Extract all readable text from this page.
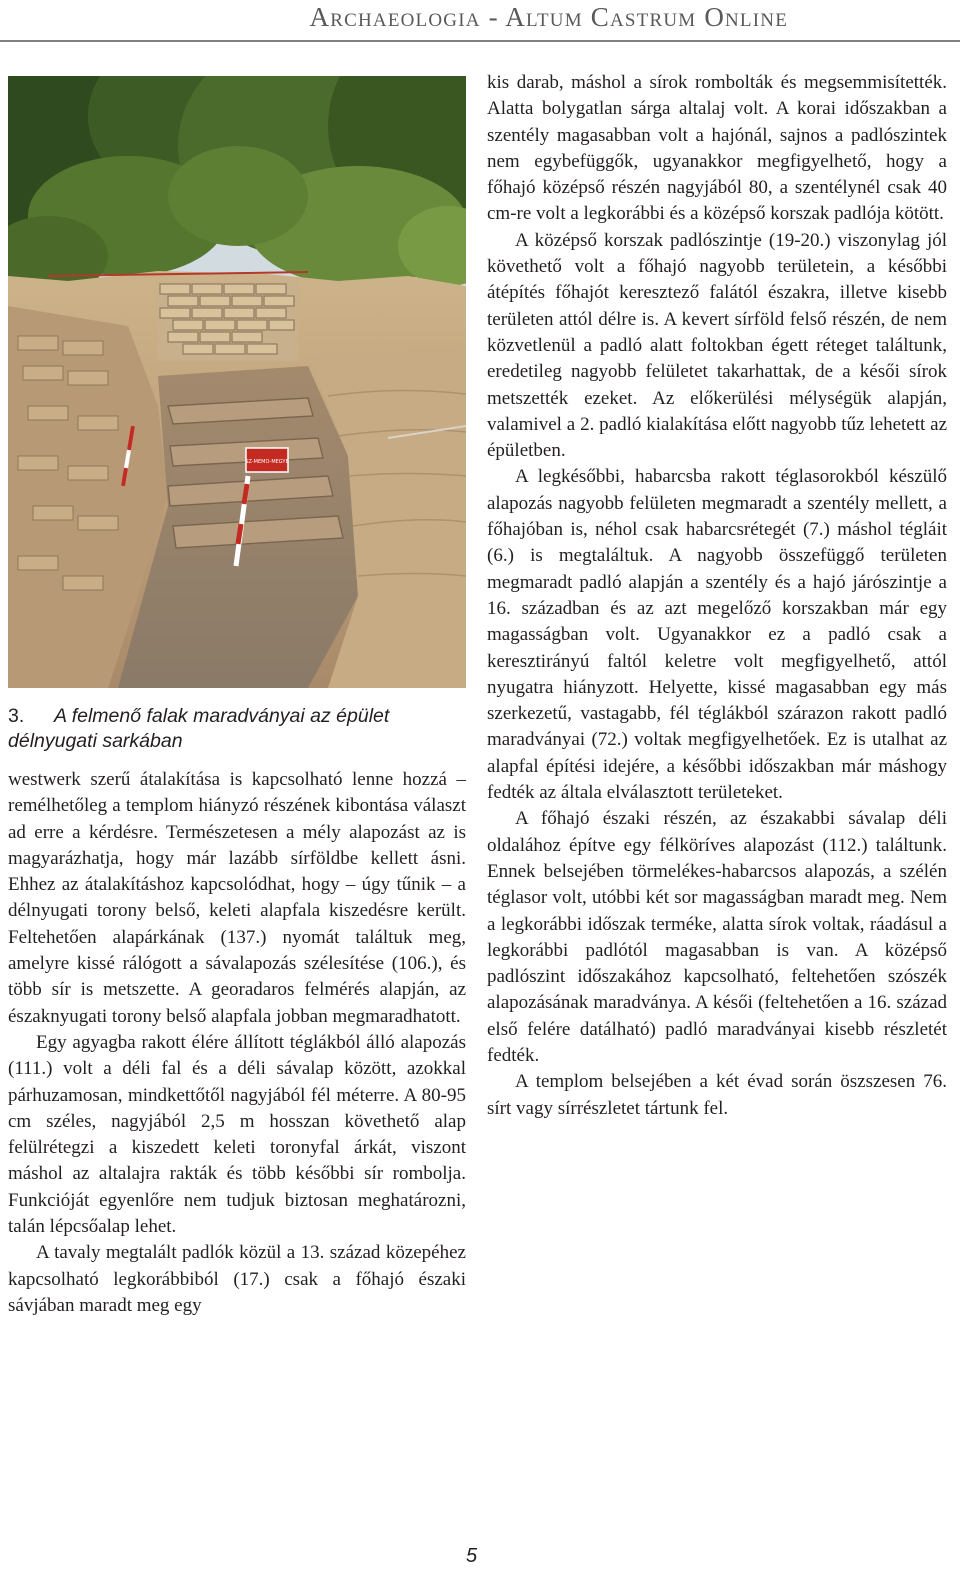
Archaeologia - Altum Castrum Online
SZ-MEMO-MEGYE
3. A felmenő falak maradványai az épület délnyugati sarkában

westwerk szerű átalakítása is kapcsolható lenne hozzá – remélhetőleg a templom hiányzó részének kibontása választ ad erre a kérdésre. Természetesen a mély alapozást az is magyarázhatja, hogy már lazább sírföldbe kellett ásni. Ehhez az átalakításhoz kapcsolódhat, hogy – úgy tűnik – a délnyugati torony belső, keleti alapfala kiszedésre került. Feltehetően alapárkának (137.) nyomát találtuk meg, amelyre kissé rálógott a sávalapozás szélesítése (106.), és több sír is metszette. A georadaros felmérés alapján, az északnyugati torony belső alapfala jobban megmaradhatott.

Egy agyagba rakott élére állított téglákból álló alapozás (111.) volt a déli fal és a déli sávalap között, azokkal párhuzamosan, mindkettőtől nagyjából fél méterre. A 80-95 cm széles, nagyjából 2,5 m hosszan követhető alap felülrétegzi a kiszedett keleti toronyfal árkát, viszont máshol az altalajra rakták és több későbbi sír rombolja. Funkcióját egyenlőre nem tudjuk biztosan meghatározni, talán lépcsőalap lehet.

A tavaly megtalált padlók közül a 13. század közepéhez kapcsolható legkorábbiból (17.) csak a főhajó északi sávjában maradt meg egy

kis darab, máshol a sírok rombolták és megsemmisítették. Alatta bolygatlan sárga altalaj volt. A korai időszakban a szentély magasabban volt a hajónál, sajnos a padlószintek nem egybefüggők, ugyanakkor megfigyelhető, hogy a főhajó középső részén nagyjából 80, a szentélynél csak 40 cm-re volt a legkorábbi és a középső korszak padlója kötött.

A középső korszak padlószintje (19-20.) viszonylag jól követhető volt a főhajó nagyobb területein, a későbbi átépítés főhajót keresztező falától északra, illetve kisebb területen attól délre is. A kevert sírföld felső részén, de nem közvetlenül a padló alatt foltokban égett réteget találtunk, eredetileg nagyobb felületet takarhattak, de a késői sírok metszették ezeket. Az előkerülési mélységük alapján, valamivel a 2. padló kialakítása előtt nagyobb tűz lehetett az épületben.

A legkésőbbi, habarcsba rakott téglasorokból készülő alapozás nagyobb felületen megmaradt a szentély mellett, a főhajóban is, néhol csak habarcsrétegét (7.) máshol tégláit (6.) is megtaláltuk. A nagyobb összefüggő területen megmaradt padló alapján a szentély és a hajó járószintje a 16. században és az azt megelőző korszakban már egy magasságban volt. Ugyanakkor ez a padló csak a keresztirányú faltól keletre volt megfigyelhető, attól nyugatra hiányzott. Helyette, kissé magasabban egy más szerkezetű, vastagabb, fél téglákból szárazon rakott padló maradványai (72.) voltak megfigyelhetőek. Ez is utalhat az alapfal építési idejére, a későbbi időszakban már máshogy fedték az általa elválasztott területeket.

A főhajó északi részén, az északabbi sávalap déli oldalához építve egy félköríves alapozást (112.) találtunk. Ennek belsejében törmelékes-habarcsos alapozás, a szélén téglasor volt, utóbbi két sor magasságban maradt meg. Nem a legkorábbi időszak terméke, alatta sírok voltak, ráadásul a legkorábbi padlótól magasabban is van. A középső padlószint időszakához kapcsolható, feltehetően szószék alapozásának maradványa. A késői (feltehetően a 16. század első felére datálható) padló maradványai kisebb részletét fedték.

A templom belsejében a két évad során öszszesen 76. sírt vagy sírrészletet tártunk fel.

5
